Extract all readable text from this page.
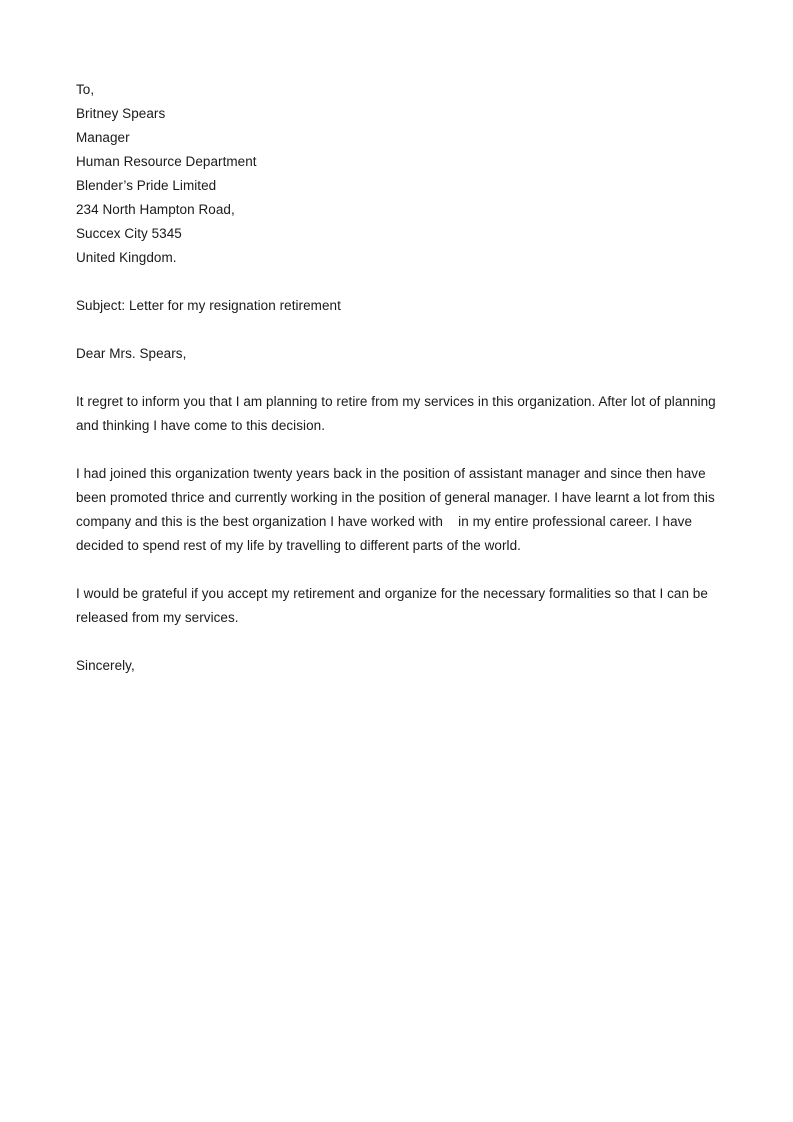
To,
Britney Spears
Manager
Human Resource Department
Blender’s Pride Limited
234 North Hampton Road,
Succex City 5345
United Kingdom.
Subject: Letter for my resignation retirement
Dear Mrs. Spears,
It regret to inform you that I am planning to retire from my services in this organization. After lot of planning
and thinking I have come to this decision.
I had joined this organization twenty years back in the position of assistant manager and since then have
been promoted thrice and currently working in the position of general manager. I have learnt a lot from this
company and this is the best organization I have worked with    in my entire professional career. I have
decided to spend rest of my life by travelling to different parts of the world.
I would be grateful if you accept my retirement and organize for the necessary formalities so that I can be
released from my services.
Sincerely,
